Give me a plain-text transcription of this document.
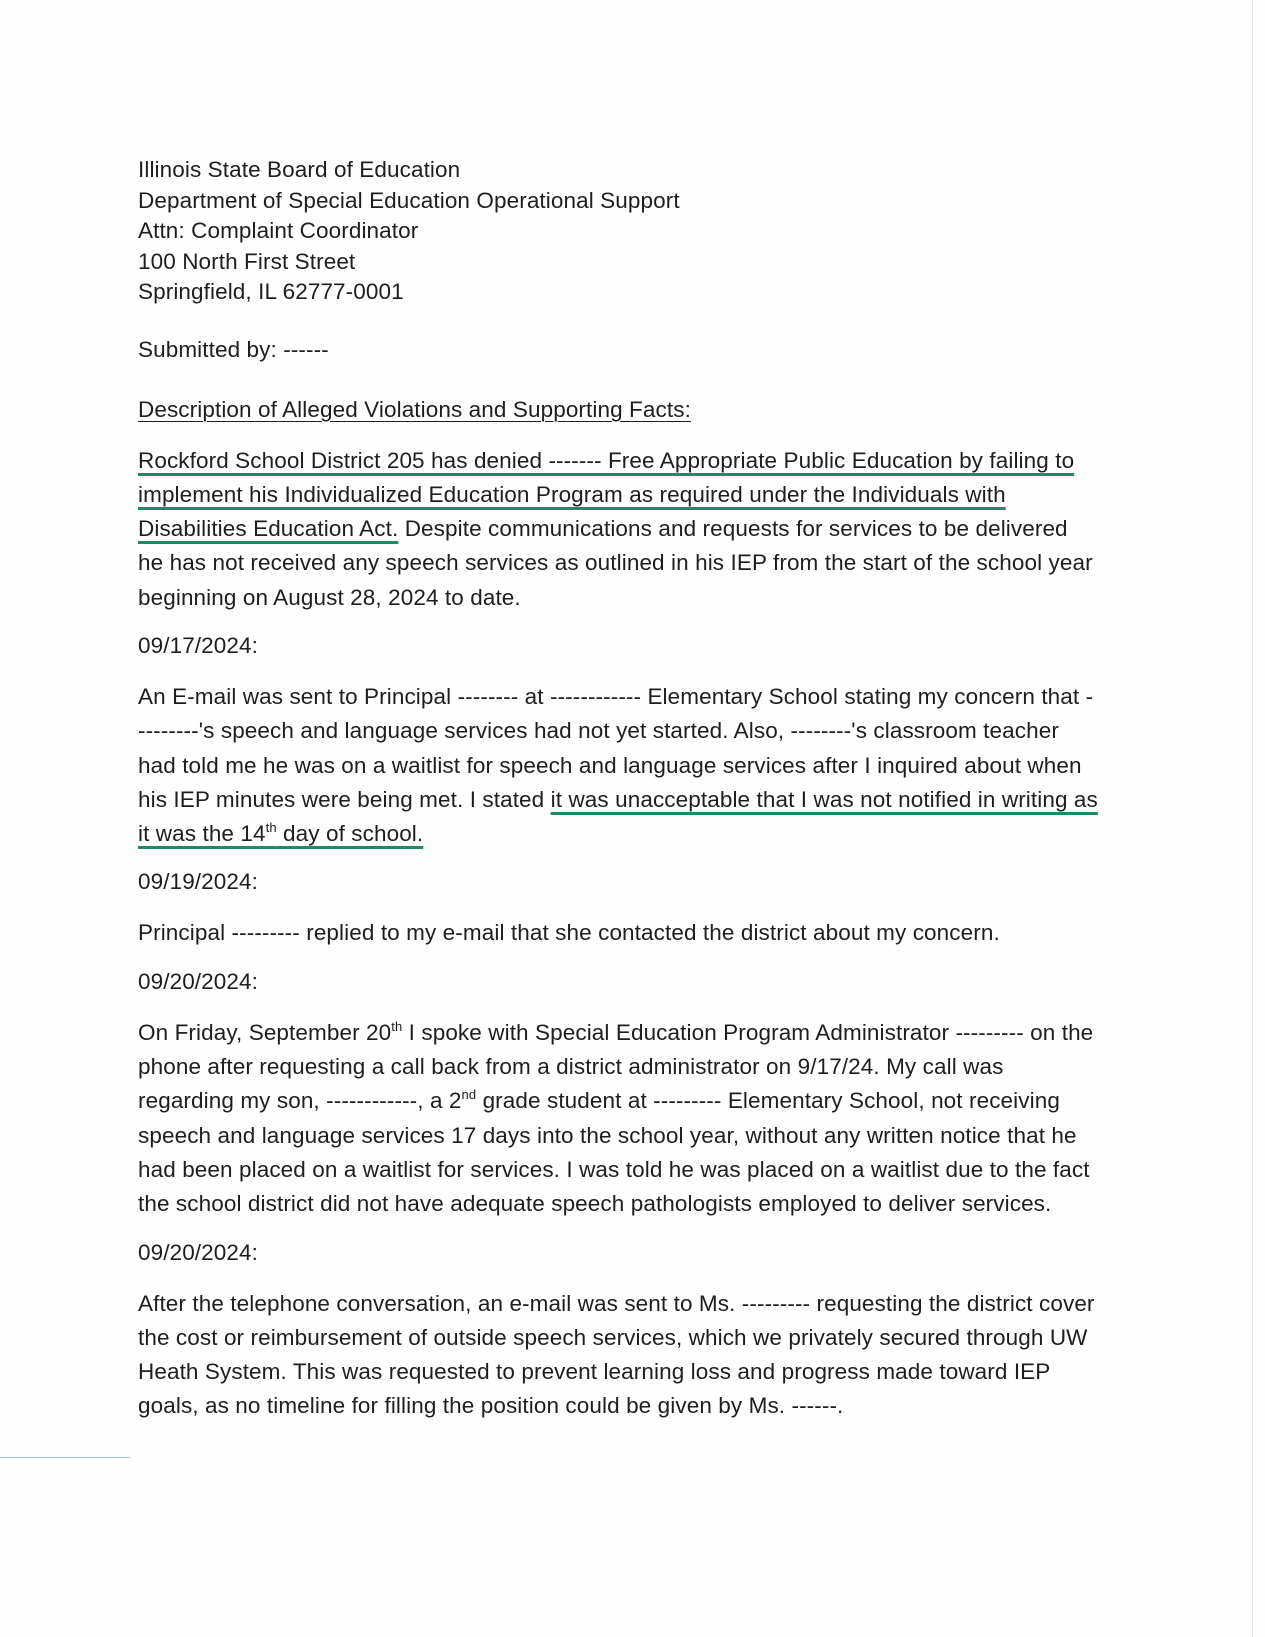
Illinois State Board of Education
Department of Special Education Operational Support
Attn: Complaint Coordinator
100 North First Street
Springfield, IL 62777-0001
Submitted by: ------
Description of Alleged Violations and Supporting Facts:
Rockford School District 205 has denied ------- Free Appropriate Public Education by failing to implement his Individualized Education Program as required under the Individuals with Disabilities Education Act. Despite communications and requests for services to be delivered he has not received any speech services as outlined in his IEP from the start of the school year beginning on August 28, 2024 to date.
09/17/2024:
An E-mail was sent to Principal -------- at ------------ Elementary School stating my concern that ---------'s speech and language services had not yet started. Also, --------'s classroom teacher had told me he was on a waitlist for speech and language services after I inquired about when his IEP minutes were being met. I stated it was unacceptable that I was not notified in writing as it was the 14th day of school.
09/19/2024:
Principal --------- replied to my e-mail that she contacted the district about my concern.
09/20/2024:
On Friday, September 20th I spoke with Special Education Program Administrator --------- on the phone after requesting a call back from a district administrator on 9/17/24. My call was regarding my son, ------------, a 2nd grade student at --------- Elementary School, not receiving speech and language services 17 days into the school year, without any written notice that he had been placed on a waitlist for services. I was told he was placed on a waitlist due to the fact the school district did not have adequate speech pathologists employed to deliver services.
09/20/2024:
After the telephone conversation, an e-mail was sent to Ms. --------- requesting the district cover the cost or reimbursement of outside speech services, which we privately secured through UW Heath System. This was requested to prevent learning loss and progress made toward IEP goals, as no timeline for filling the position could be given by Ms. ------.
